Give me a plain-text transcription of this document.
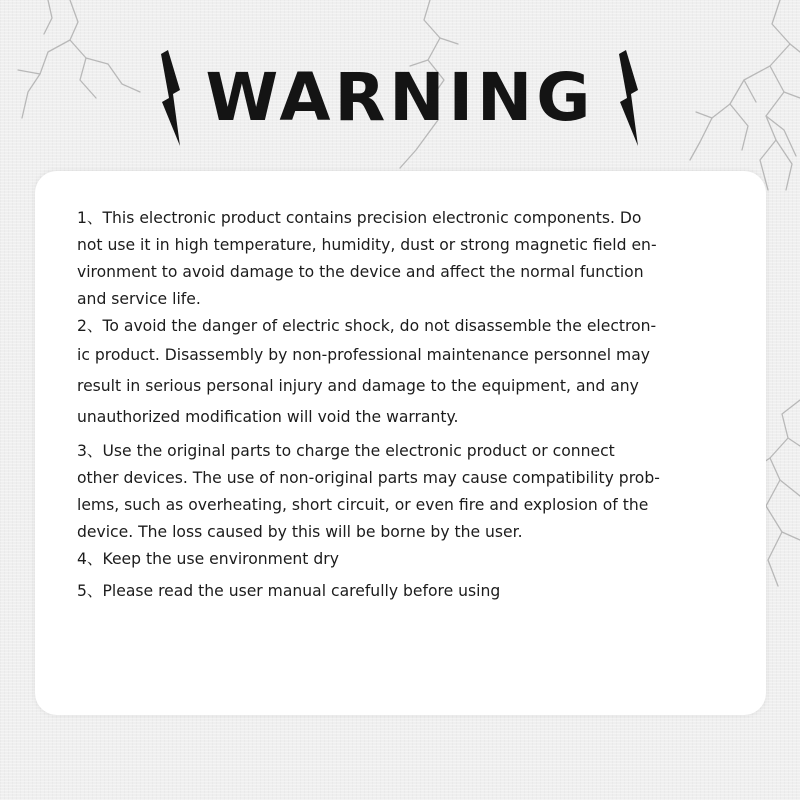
WARNING
1、This electronic product contains precision electronic components. Do
not use it in high temperature, humidity, dust or strong magnetic field en-
vironment to avoid damage to the device and affect the normal function
and service life.
2、To avoid the danger of electric shock, do not disassemble the electron-
ic product. Disassembly by non-professional maintenance personnel may
result in serious personal injury and damage to the equipment, and any
unauthorized modification will void the warranty.
3、Use the original parts to charge the electronic product or connect
other devices. The use of non-original parts may cause compatibility prob-
lems, such as overheating, short circuit, or even fire and explosion of the
device. The loss caused by this will be borne by the user.
4、Keep the use environment dry
5、Please read the user manual carefully before using
